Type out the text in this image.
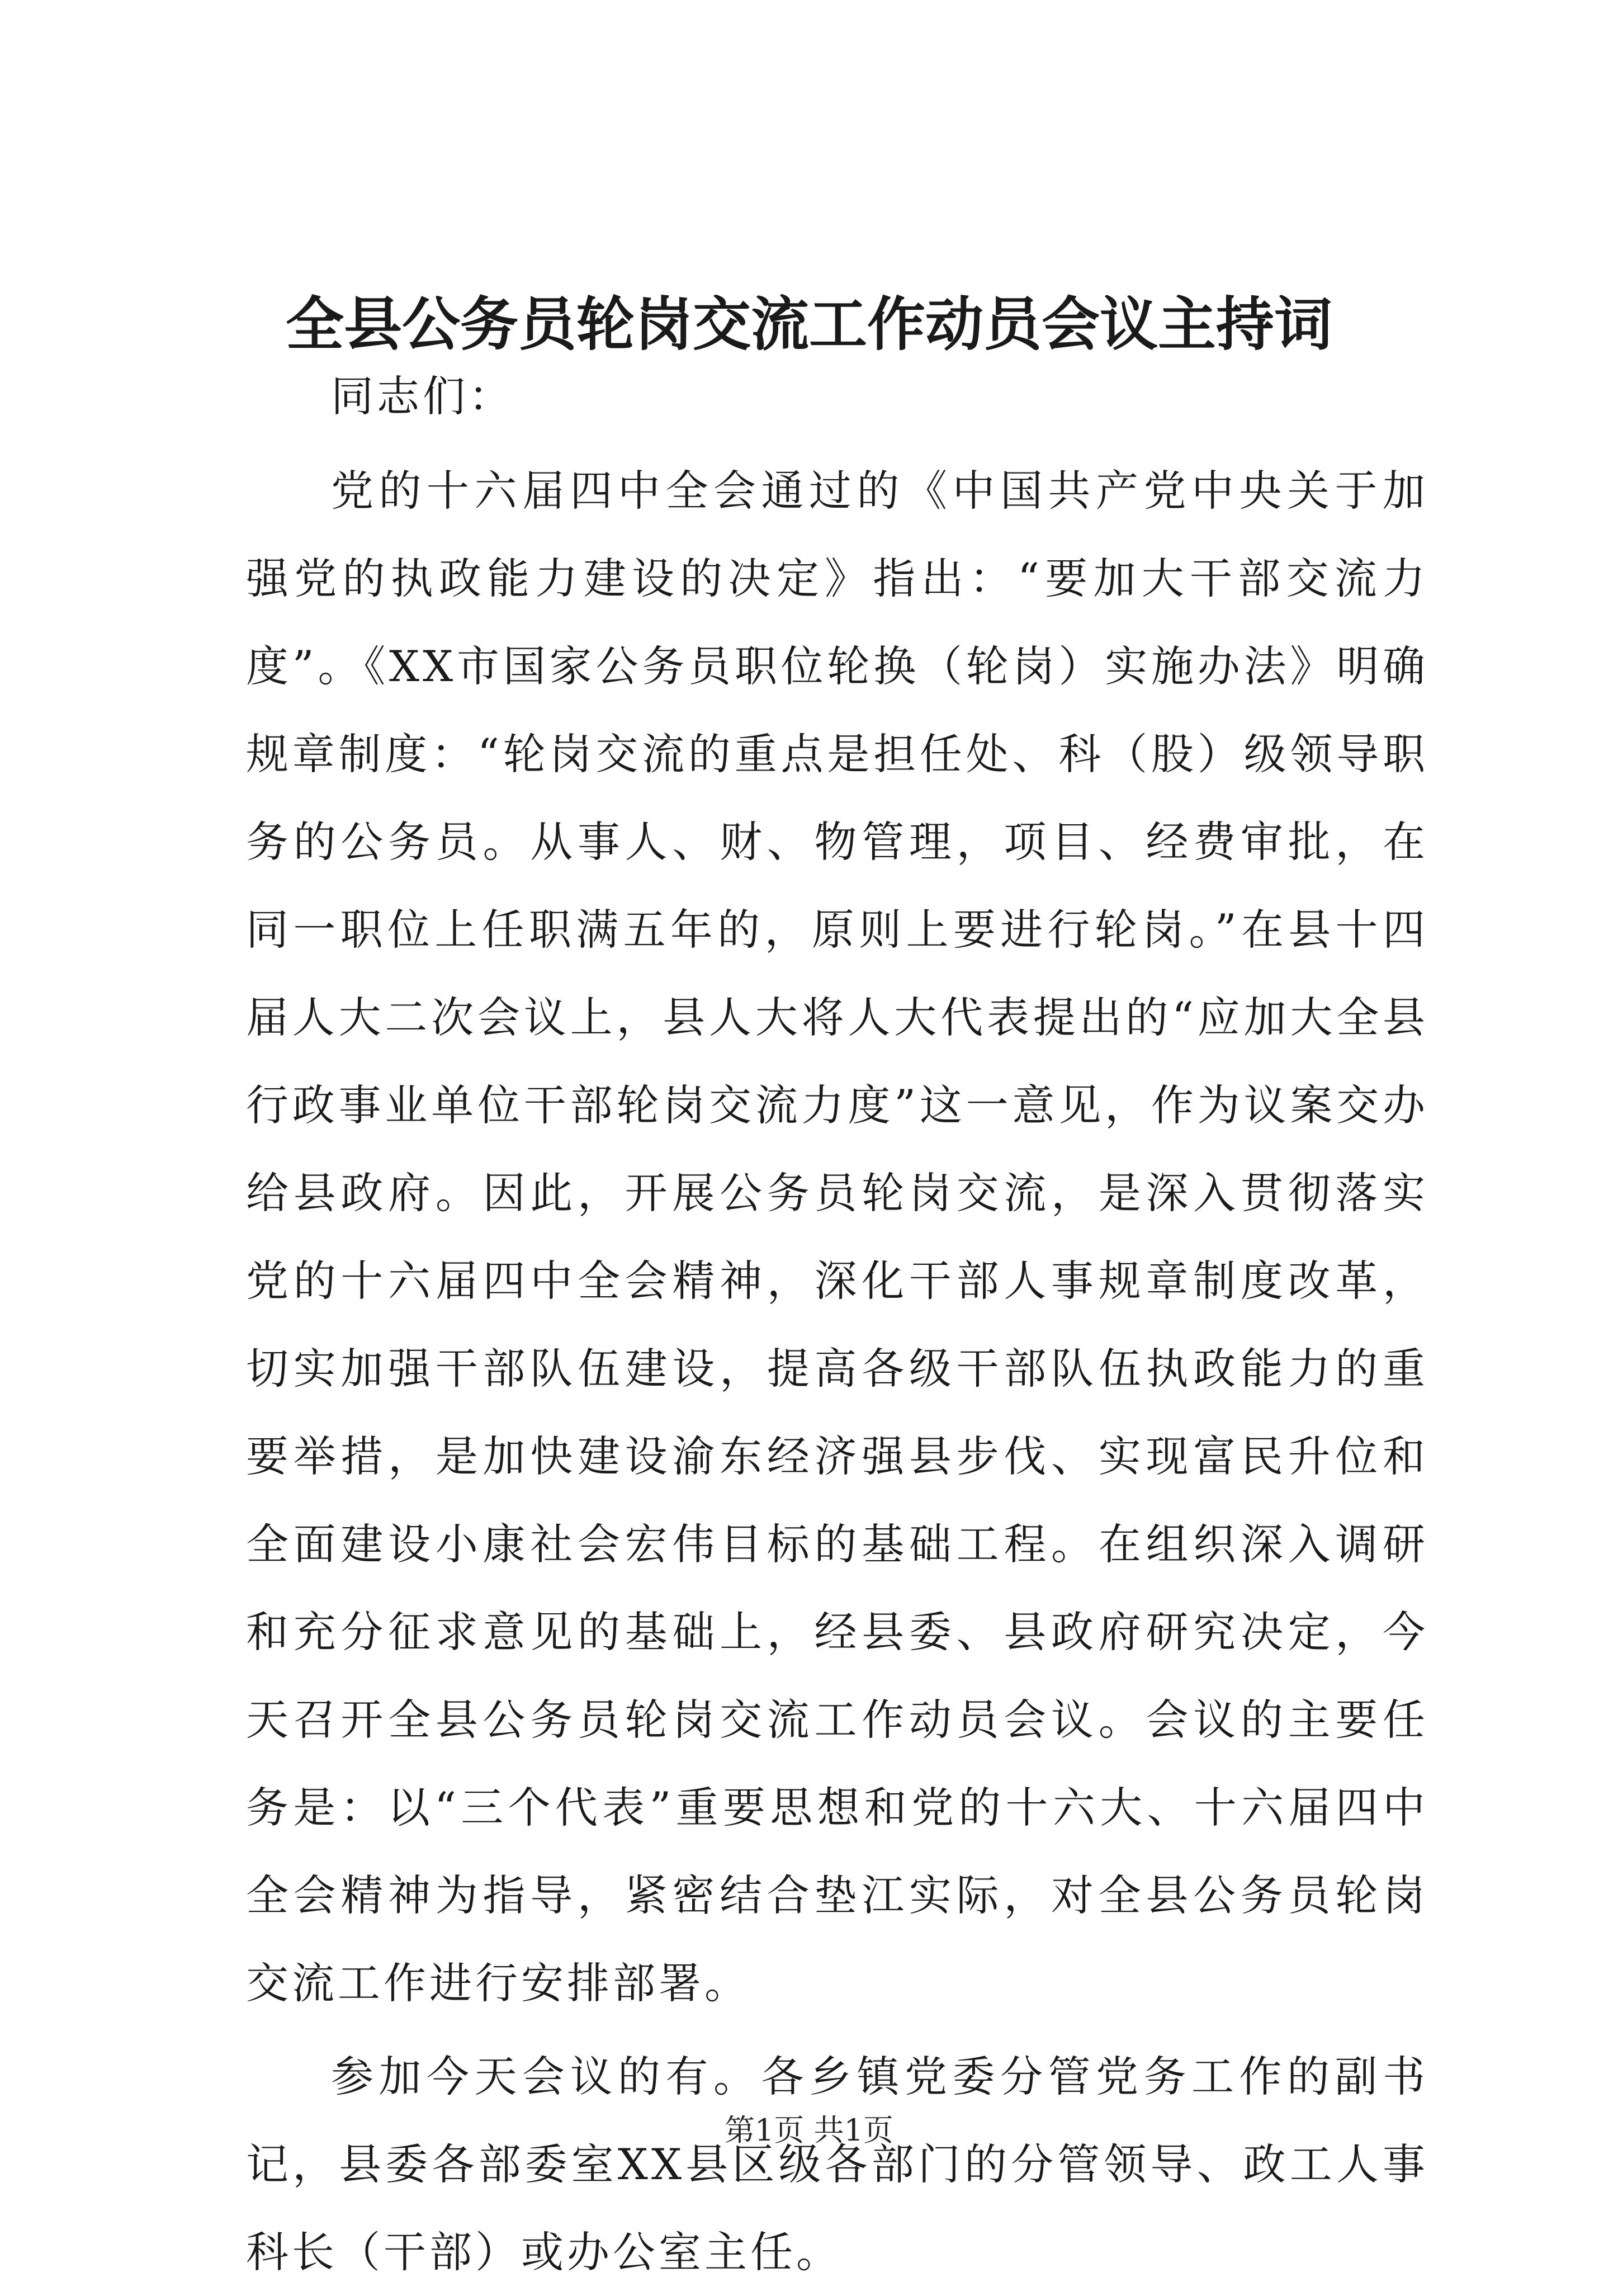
全县公务员轮岗交流工作动员会议主持词

同志们：

党的十六届四中全会通过的《中国共产党中央关于加强党的执政能力建设的决定》指出：“要加大干部交流力度”。《XX市国家公务员职位轮换（轮岗）实施办法》明确规章制度：“轮岗交流的重点是担任处、科（股）级领导职务的公务员。从事人、财、物管理，项目、经费审批，在同一职位上任职满五年的，原则上要进行轮岗。”在县十四届人大二次会议上，县人大将人大代表提出的“应加大全县行政事业单位干部轮岗交流力度”这一意见，作为议案交办给县政府。因此，开展公务员轮岗交流，是深入贯彻落实党的十六届四中全会精神，深化干部人事规章制度改革，切实加强干部队伍建设，提高各级干部队伍执政能力的重要举措，是加快建设渝东经济强县步伐、实现富民升位和全面建设小康社会宏伟目标的基础工程。在组织深入调研和充分征求意见的基础上，经县委、县政府研究决定，今天召开全县公务员轮岗交流工作动员会议。会议的主要任务是：以“三个代表”重要思想和党的十六大、十六届四中全会精神为指导，紧密结合垫江实际，对全县公务员轮岗交流工作进行安排部署。

参加今天会议的有。各乡镇党委分管党务工作的副书记，县委各部委室XX县区级各部门的分管领导、政工人事科长（干部）或办公室主任。

第1页 共1页
